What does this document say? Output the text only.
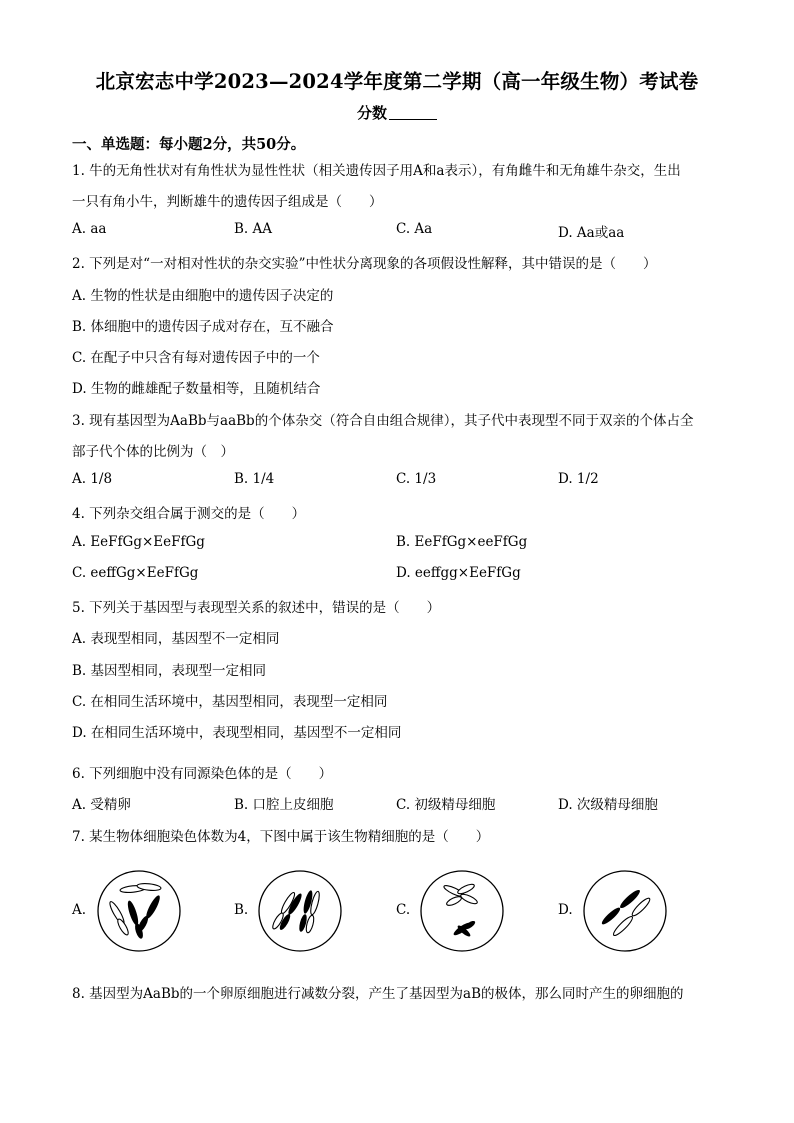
北京宏志中学2023—2024学年度第二学期（高一年级生物）考试卷
分数
一、单选题：每小题2分，共50分。
1. 牛的无角性状对有角性状为显性性状（相关遗传因子用A和a表示），有角雌牛和无角雄牛杂交，生出
一只有角小牛，判断雄牛的遗传因子组成是（　　）
A. aa	B. AA	C. Aa	D. Aa或aa
2. 下列是对“一对相对性状的杂交实验”中性状分离现象的各项假设性解释，其中错误的是（　　）
A. 生物的性状是由细胞中的遗传因子决定的
B. 体细胞中的遗传因子成对存在，互不融合
C. 在配子中只含有每对遗传因子中的一个
D. 生物的雌雄配子数量相等，且随机结合
3. 现有基因型为AaBb与aaBb的个体杂交（符合自由组合规律），其子代中表现型不同于双亲的个体占全
部子代个体的比例为（　）
A. 1/8	B. 1/4	C. 1/3	D. 1/2
4. 下列杂交组合属于测交的是（　　）
A. EeFfGg×EeFfGg	B. EeFfGg×eeFfGg
C. eeffGg×EeFfGg	D. eeffgg×EeFfGg
5. 下列关于基因型与表现型关系的叙述中，错误的是（　　）
A. 表现型相同，基因型不一定相同
B. 基因型相同，表现型一定相同
C. 在相同生活环境中，基因型相同，表现型一定相同
D. 在相同生活环境中，表现型相同，基因型不一定相同
6. 下列细胞中没有同源染色体的是（　　）
A. 受精卵	B. 口腔上皮细胞	C. 初级精母细胞	D. 次级精母细胞
7. 某生物体细胞染色体数为4，下图中属于该生物精细胞的是（　　）
A.	B.	C.	D.
8. 基因型为AaBb的一个卵原细胞进行减数分裂，产生了基因型为aB的极体，那么同时产生的卵细胞的
